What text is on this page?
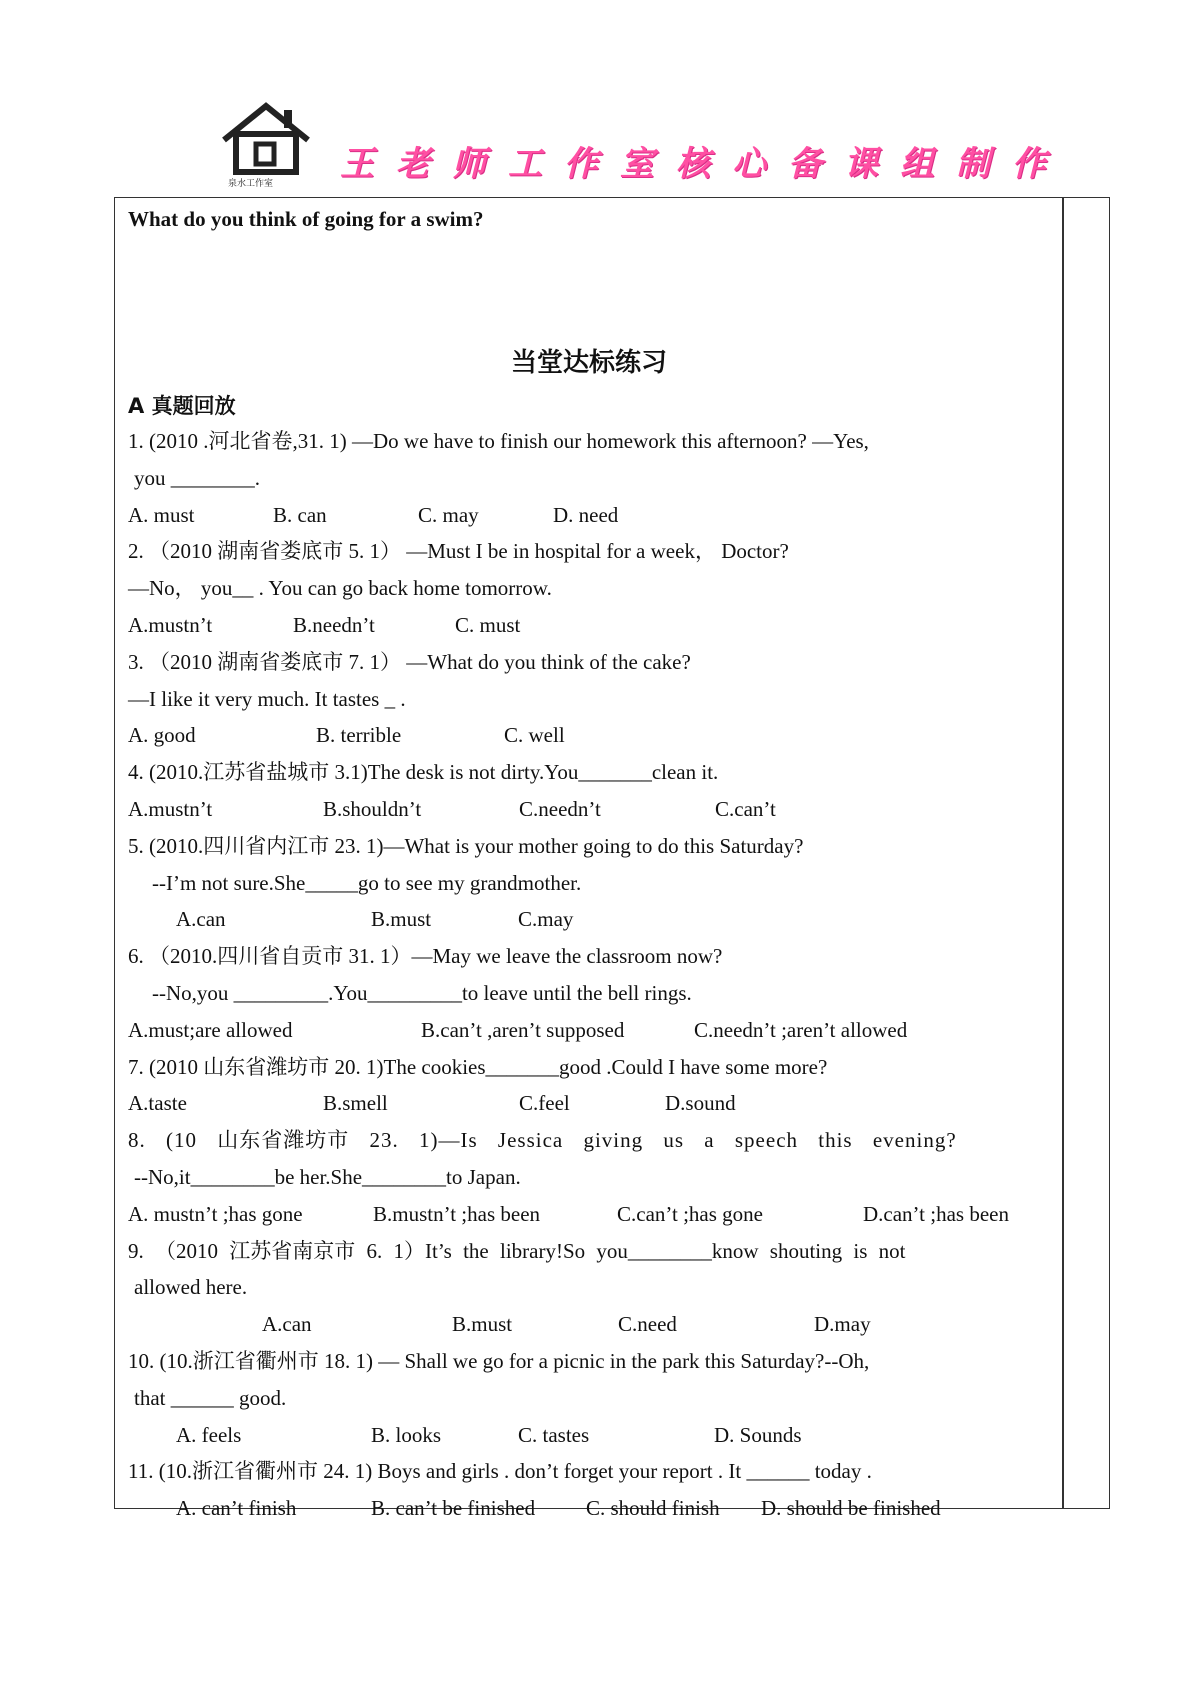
泉水工作室 王老师工作室核心备课组制作

What do you think of going for a swim?

当堂达标练习
A 真题回放
1. (2010 .河北省卷,31. 1) —Do we have to finish our homework this afternoon? —Yes,
you ________.
A. must	B. can	C. may	D. need
2. （2010 湖南省娄底市 5. 1） —Must I be in hospital for a week， Doctor?
—No， you__ . You can go back home tomorrow.
A.mustn’t	B.needn’t	C. must
3. （2010 湖南省娄底市 7. 1） —What do you think of the cake?
—I like it very much. It tastes _ .
A. good	B. terrible	C. well
4. (2010.江苏省盐城市 3.1)The desk is not dirty.You_______clean it.
A.mustn’t	B.shouldn’t	C.needn’t	C.can’t
5. (2010.四川省内江市 23. 1)—What is your mother going to do this Saturday?
--I’m not sure.She_____go to see my grandmother.
A.can	B.must	C.may
6. （2010.四川省自贡市 31. 1）—May we leave the classroom now?
--No,you _________.You_________to leave until the bell rings.
A.must;are allowed	B.can’t ,aren’t supposed	C.needn’t ;aren’t allowed
7. (2010 山东省潍坊市 20. 1)The cookies_______good .Could I have some more?
A.taste	B.smell	C.feel	D.sound
8. (10 山东省潍坊市 23. 1)—Is Jessica giving us a speech this evening?
--No,it________be her.She________to Japan.
A. mustn’t ;has gone	B.mustn’t ;has been	C.can’t ;has gone	D.can’t ;has been
9. （2010 江苏省南京市 6. 1）It’s the library!So you________know shouting is not
allowed here.
A.can	B.must	C.need	D.may
10. (10.浙江省衢州市 18. 1) — Shall we go for a picnic in the park this Saturday?--Oh,
that ______ good.
A. feels	B. looks	C. tastes	D. Sounds
11. (10.浙江省衢州市 24. 1) Boys and girls . don’t forget your report . It ______ today .
A. can’t finish	B. can’t be finished	C. should finish	D. should be finished
